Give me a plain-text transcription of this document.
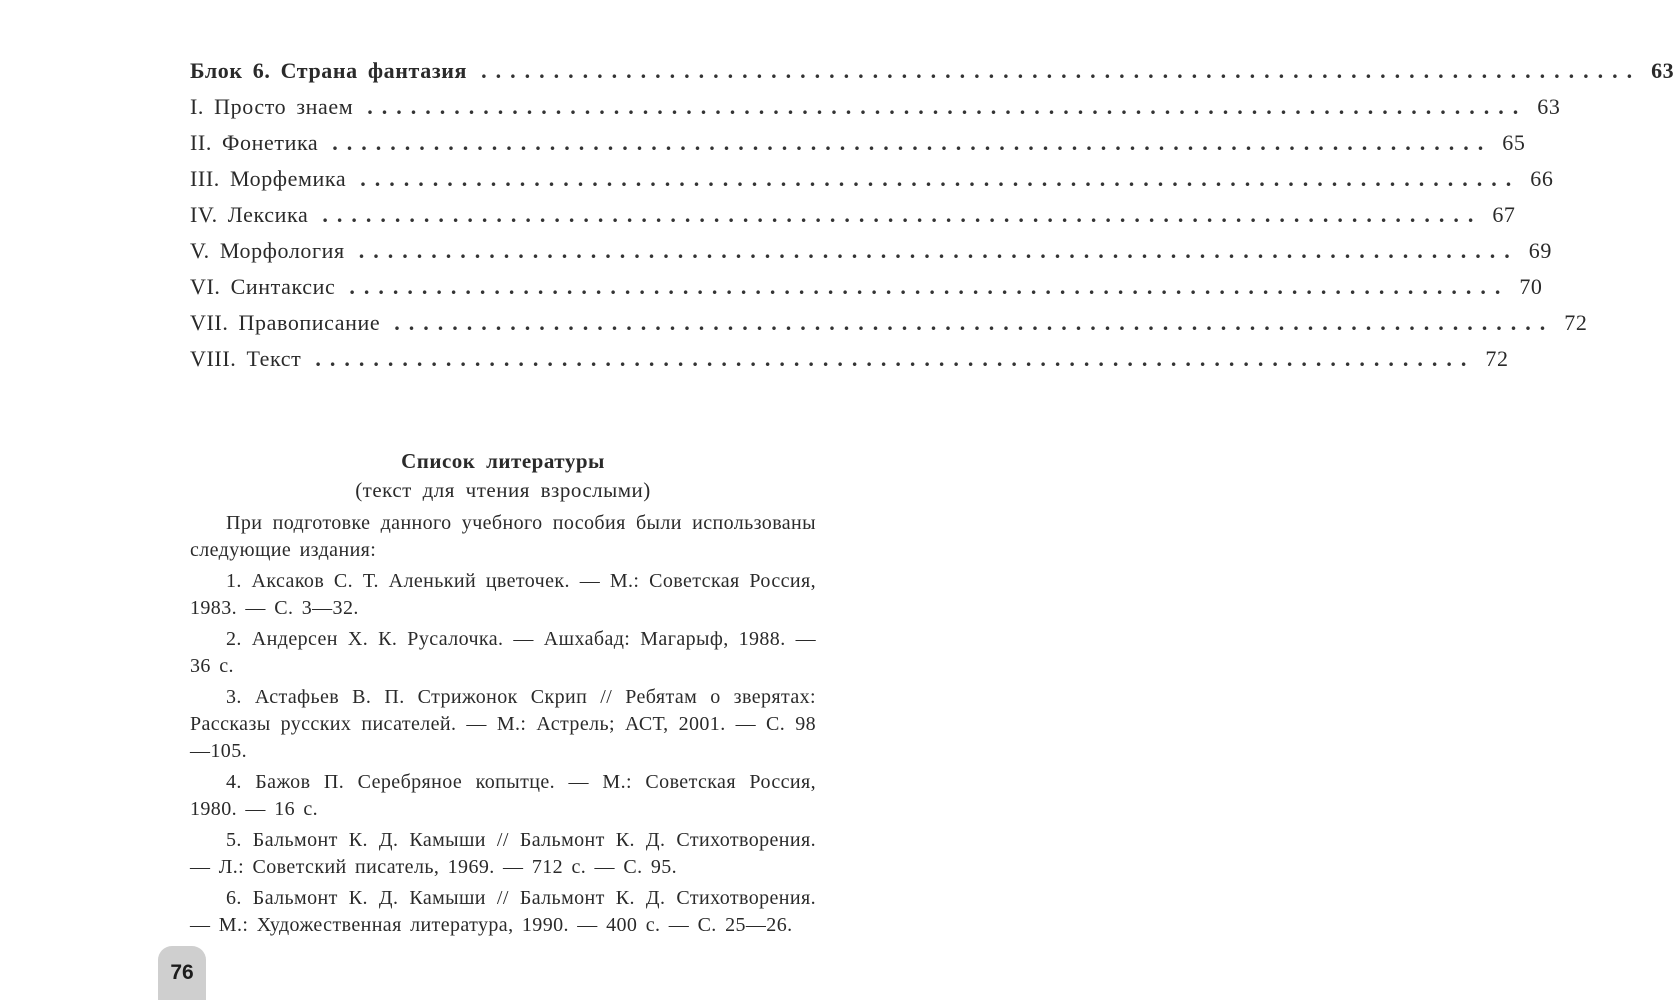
Блок 6. Страна фантазия ................................................................................ 63
I. Просто знаем ................................................................................ 63
II. Фонетика ................................................................................ 65
III. Морфемика ................................................................................ 66
IV. Лексика ................................................................................ 67
V. Морфология ................................................................................ 69
VI. Синтаксис ................................................................................ 70
VII. Правописание ................................................................................ 72
VIII. Текст ................................................................................ 72
Список литературы
(текст для чтения взрослыми)

При подготовке данного учебного пособия были использованы следующие издания:

1. Аксаков С. Т. Аленький цветочек. — М.: Советская Россия, 1983. — С. 3—32.

2. Андерсен Х. К. Русалочка. — Ашхабад: Магарыф, 1988. — 36 с.

3. Астафьев В. П. Стрижонок Скрип // Ребятам о зверятах: Рассказы русских писателей. — М.: Астрель; АСТ, 2001. — С. 98—105.

4. Бажов П. Серебряное копытце. — М.: Советская Россия, 1980. — 16 с.

5. Бальмонт К. Д. Камыши // Бальмонт К. Д. Стихотворения. — Л.: Советский писатель, 1969. — 712 с. — С. 95.

6. Бальмонт К. Д. Камыши // Бальмонт К. Д. Стихотворения. — М.: Художественная литература, 1990. — 400 с. — С. 25—26.

76
